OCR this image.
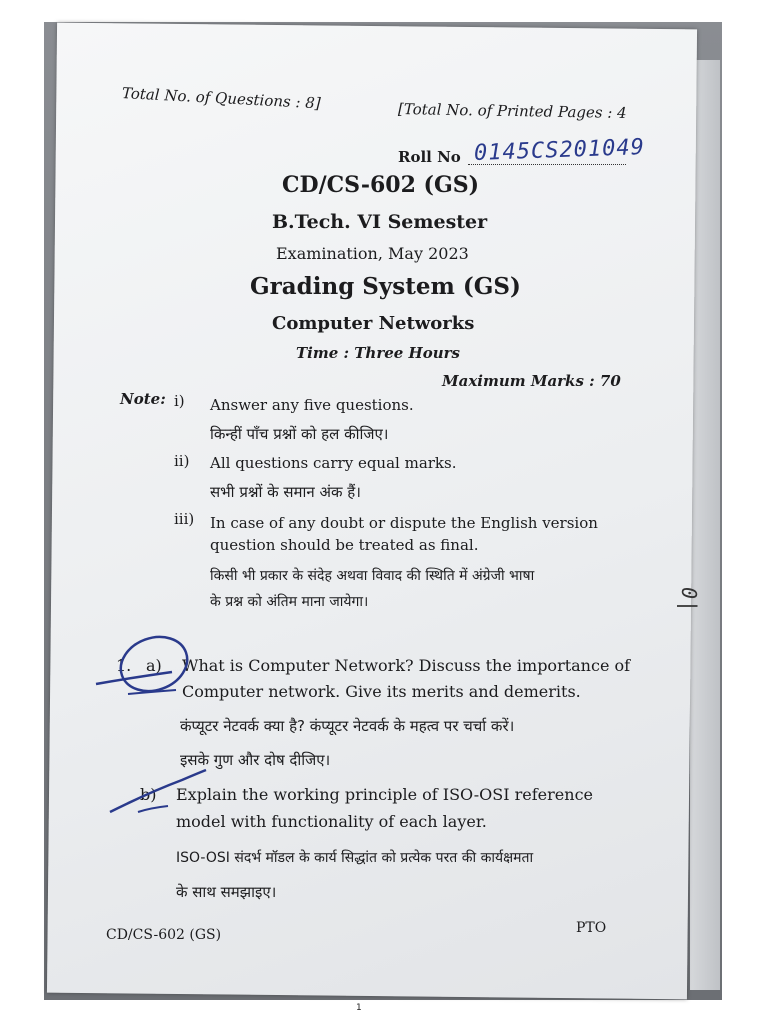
Total No. of Questions : 8]	[Total No. of Printed Pages : 4
Roll No 0145CS201049
CD/CS-602 (GS)
B.Tech. VI Semester
Examination, May 2023
Grading System (GS)
Computer Networks
Time : Three Hours
Maximum Marks : 70
Note: i) Answer any five questions.
किन्हीं पाँच प्रश्नों को हल कीजिए।
ii) All questions carry equal marks.
सभी प्रश्नों के समान अंक हैं।
iii) In case of any doubt or dispute the English version
question should be treated as final.
किसी भी प्रकार के संदेह अथवा विवाद की स्थिति में अंग्रेजी भाषा
के प्रश्न को अंतिम माना जायेगा।
1. a) What is Computer Network? Discuss the importance of
Computer network. Give its merits and demerits.
कंप्यूटर नेटवर्क क्या है? कंप्यूटर नेटवर्क के महत्व पर चर्चा करें।
इसके गुण और दोष दीजिए।
b) Explain the working principle of ISO-OSI reference
model with functionality of each layer.
ISO-OSI संदर्भ मॉडल के कार्य सिद्धांत को प्रत्येक परत की कार्यक्षमता
के साथ समझाइए।
CD/CS-602 (GS)	PTO
0|
1
